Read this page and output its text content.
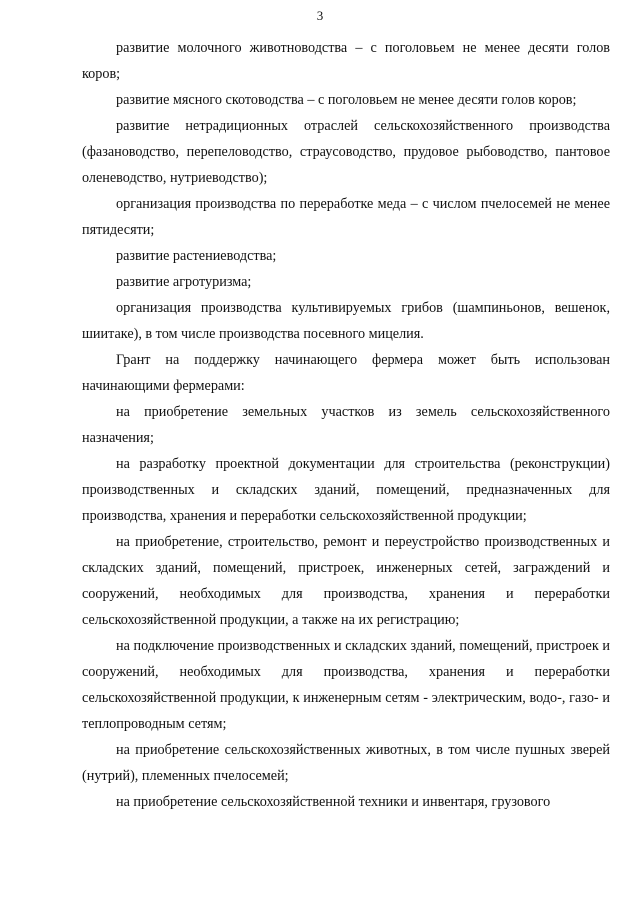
3

развитие молочного животноводства – с поголовьем не менее десяти голов коров;

развитие мясного скотоводства – с поголовьем не менее десяти голов коров;

развитие нетрадиционных отраслей сельскохозяйственного производства (фазановодство, перепеловодство, страусоводство, прудовое рыбоводство, пантовое оленеводство, нутриеводство);

организация производства по переработке меда – с числом пчелосемей не менее пятидесяти;

развитие растениеводства;

развитие агротуризма;

организация производства культивируемых грибов (шампиньонов, вешенок, шиитаке), в том числе производства посевного мицелия.

Грант на поддержку начинающего фермера может быть использован начинающими фермерами:

на приобретение земельных участков из земель сельскохозяйственного назначения;

на разработку проектной документации для строительства (реконструкции) производственных и складских зданий, помещений, предназначенных для производства, хранения и переработки сельскохозяйственной продукции;

на приобретение, строительство, ремонт и переустройство производственных и складских зданий, помещений, пристроек, инженерных сетей, заграждений и сооружений, необходимых для производства, хранения и переработки сельскохозяйственной продукции, а также на их регистрацию;

на подключение производственных и складских зданий, помещений, пристроек и сооружений, необходимых для производства, хранения и переработки сельскохозяйственной продукции, к инженерным сетям - электрическим, водо-, газо- и теплопроводным сетям;

на приобретение сельскохозяйственных животных, в том числе пушных зверей (нутрий), племенных пчелосемей;

на приобретение сельскохозяйственной техники и инвентаря, грузового
